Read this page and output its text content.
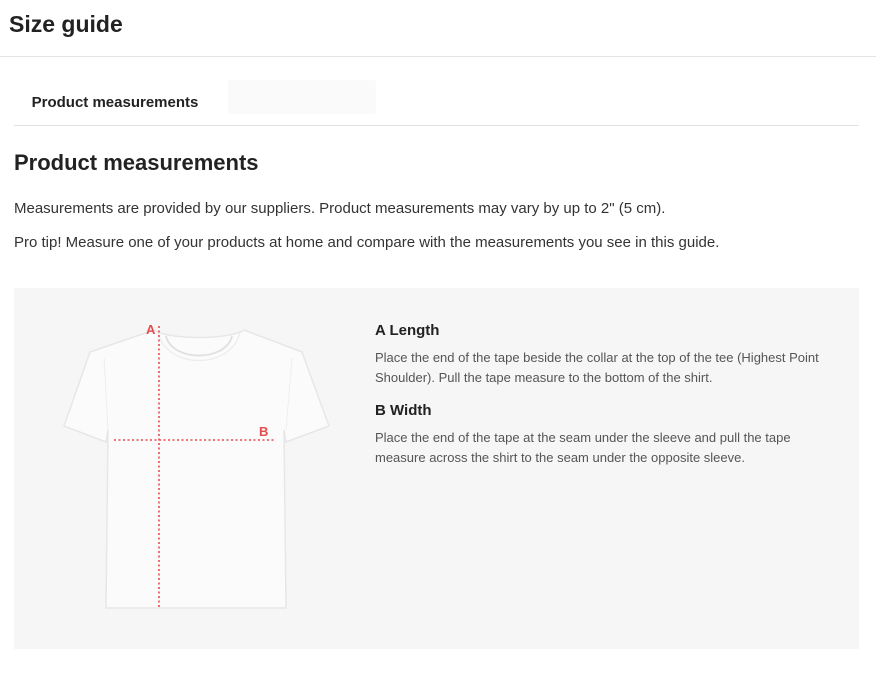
Size guide
Product measurements
Product measurements

Measurements are provided by our suppliers. Product measurements may vary by up to 2" (5 cm).

Pro tip! Measure one of your products at home and compare with the measurements you see in this guide.

A
B

A Length

Place the end of the tape beside the collar at the top of the tee (Highest Point Shoulder). Pull the tape measure to the bottom of the shirt.

B Width

Place the end of the tape at the seam under the sleeve and pull the tape measure across the shirt to the seam under the opposite sleeve.
